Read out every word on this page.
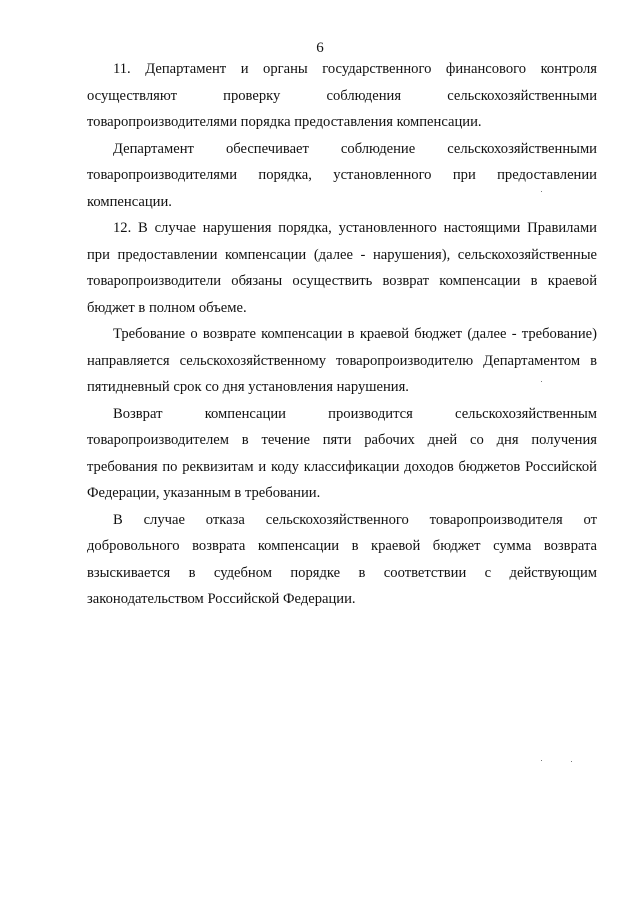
6

11. Департамент и органы государственного финансового контроля осуществляют проверку соблюдения сельскохозяйственными товаропроизводителями порядка предоставления компенсации.

Департамент обеспечивает соблюдение сельскохозяйственными товаропроизводителями порядка, установленного при предоставлении компенсации.

12. В случае нарушения порядка, установленного настоящими Правилами при предоставлении компенсации (далее - нарушения), сельскохозяйственные товаропроизводители обязаны осуществить возврат компенсации в краевой бюджет в полном объеме.

Требование о возврате компенсации в краевой бюджет (далее - требование) направляется сельскохозяйственному товаропроизводителю Департаментом в пятидневный срок со дня установления нарушения.

Возврат компенсации производится сельскохозяйственным товаропроизводителем в течение пяти рабочих дней со дня получения требования по реквизитам и коду классификации доходов бюджетов Российской Федерации, указанным в требовании.

В случае отказа сельскохозяйственного товаропроизводителя от добровольного возврата компенсации в краевой бюджет сумма возврата взыскивается в судебном порядке в соответствии с действующим законодательством Российской Федерации.
